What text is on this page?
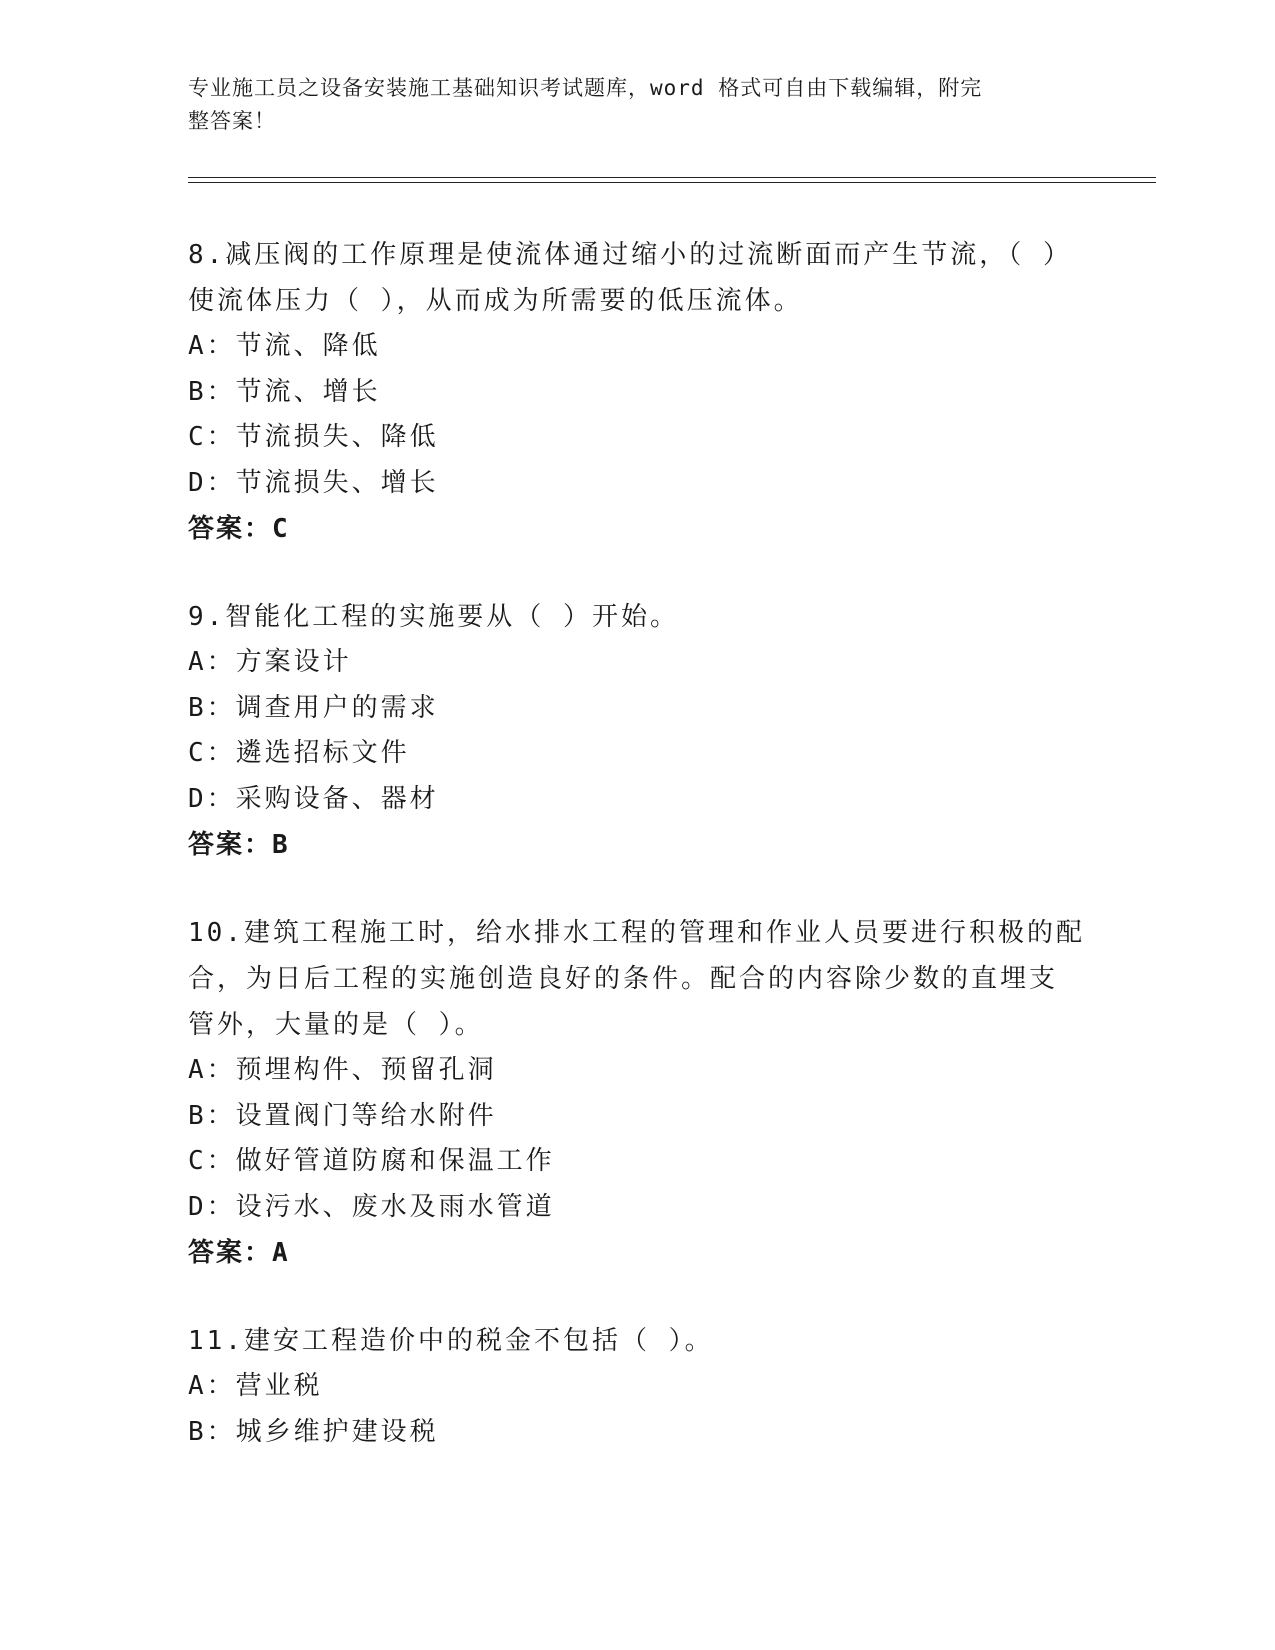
专业施工员之设备安装施工基础知识考试题库，word 格式可自由下载编辑，附完
整答案！

8.减压阀的工作原理是使流体通过缩小的过流断面而产生节流，（ ）

使流体压力（ ），从而成为所需要的低压流体。

A：节流、降低

B：节流、增长

C：节流损失、降低

D：节流损失、增长

答案：C

9.智能化工程的实施要从（ ）开始。

A：方案设计

B：调查用户的需求

C：遴选招标文件

D：采购设备、器材

答案：B

10.建筑工程施工时，给水排水工程的管理和作业人员要进行积极的配

合，为日后工程的实施创造良好的条件。配合的内容除少数的直埋支

管外，大量的是（ ）。

A：预埋构件、预留孔洞

B：设置阀门等给水附件

C：做好管道防腐和保温工作

D：设污水、废水及雨水管道

答案：A

11.建安工程造价中的税金不包括（ ）。

A：营业税

B：城乡维护建设税
